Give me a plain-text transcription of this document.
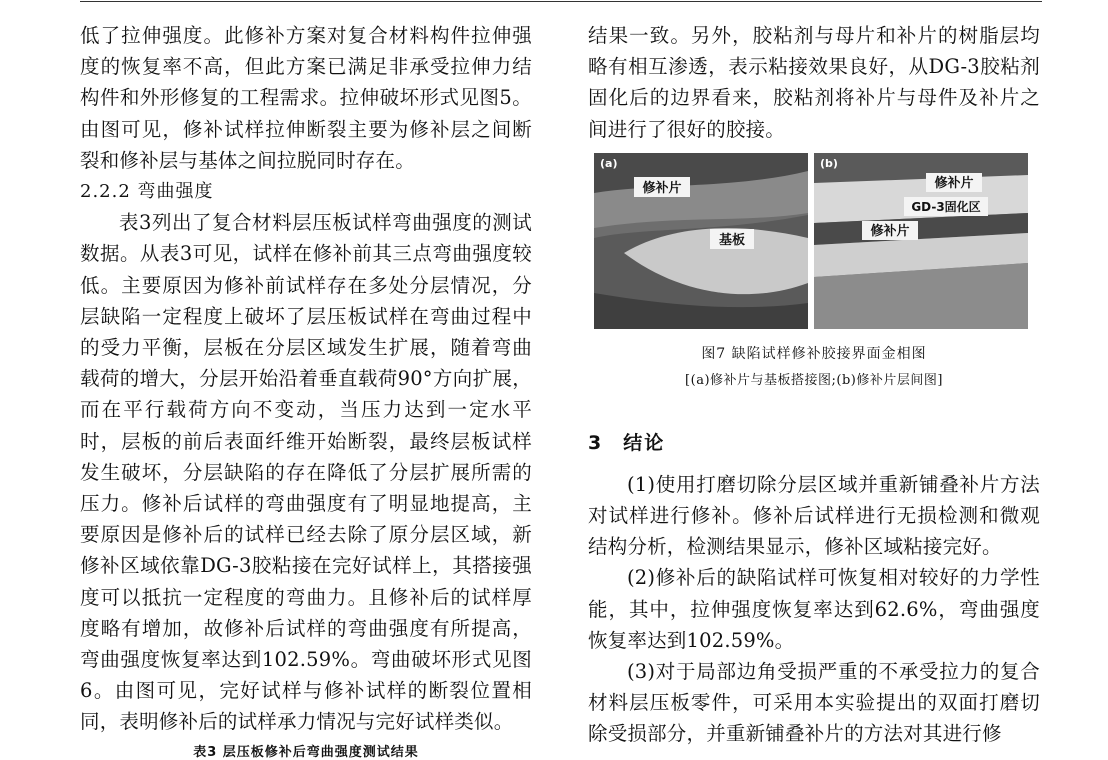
低了拉伸强度。此修补方案对复合材料构件拉伸强度的恢复率不高，但此方案已满足非承受拉伸力结构件和外形修复的工程需求。拉伸破坏形式见图5。由图可见，修补试样拉伸断裂主要为修补层之间断裂和修补层与基体之间拉脱同时存在。

2.2.2 弯曲强度

表3列出了复合材料层压板试样弯曲强度的测试数据。从表3可见，试样在修补前其三点弯曲强度较低。主要原因为修补前试样存在多处分层情况，分层缺陷一定程度上破坏了层压板试样在弯曲过程中的受力平衡，层板在分层区域发生扩展，随着弯曲载荷的增大，分层开始沿着垂直载荷90°方向扩展，而在平行载荷方向不变动，当压力达到一定水平时，层板的前后表面纤维开始断裂，最终层板试样发生破坏，分层缺陷的存在降低了分层扩展所需的压力。修补后试样的弯曲强度有了明显地提高，主要原因是修补后的试样已经去除了原分层区域，新修补区域依靠DG-3胶粘接在完好试样上，其搭接强度可以抵抗一定程度的弯曲力。且修补后的试样厚度略有增加，故修补后试样的弯曲强度有所提高，弯曲强度恢复率达到102.59%。弯曲破坏形式见图6。由图可见，完好试样与修补试样的断裂位置相同，表明修补后的试样承力情况与完好试样类似。

表3 层压板修补后弯曲强度测试结果

结果一致。另外，胶粘剂与母片和补片的树脂层均略有相互渗透，表示粘接效果良好，从DG-3胶粘剂固化后的边界看来，胶粘剂将补片与母件及补片之间进行了很好的胶接。

(a)
修补片
基板
(b)
修补片
GD-3固化区
修补片
图7 缺陷试样修补胶接界面金相图
[(a)修补片与基板搭接图;(b)修补片层间图]
3 结论

(1)使用打磨切除分层区域并重新铺叠补片方法对试样进行修补。修补后试样进行无损检测和微观结构分析，检测结果显示，修补区域粘接完好。

(2)修补后的缺陷试样可恢复相对较好的力学性能，其中，拉伸强度恢复率达到62.6%，弯曲强度恢复率达到102.59%。

(3)对于局部边角受损严重的不承受拉力的复合材料层压板零件，可采用本实验提出的双面打磨切除受损部分，并重新铺叠补片的方法对其进行修
